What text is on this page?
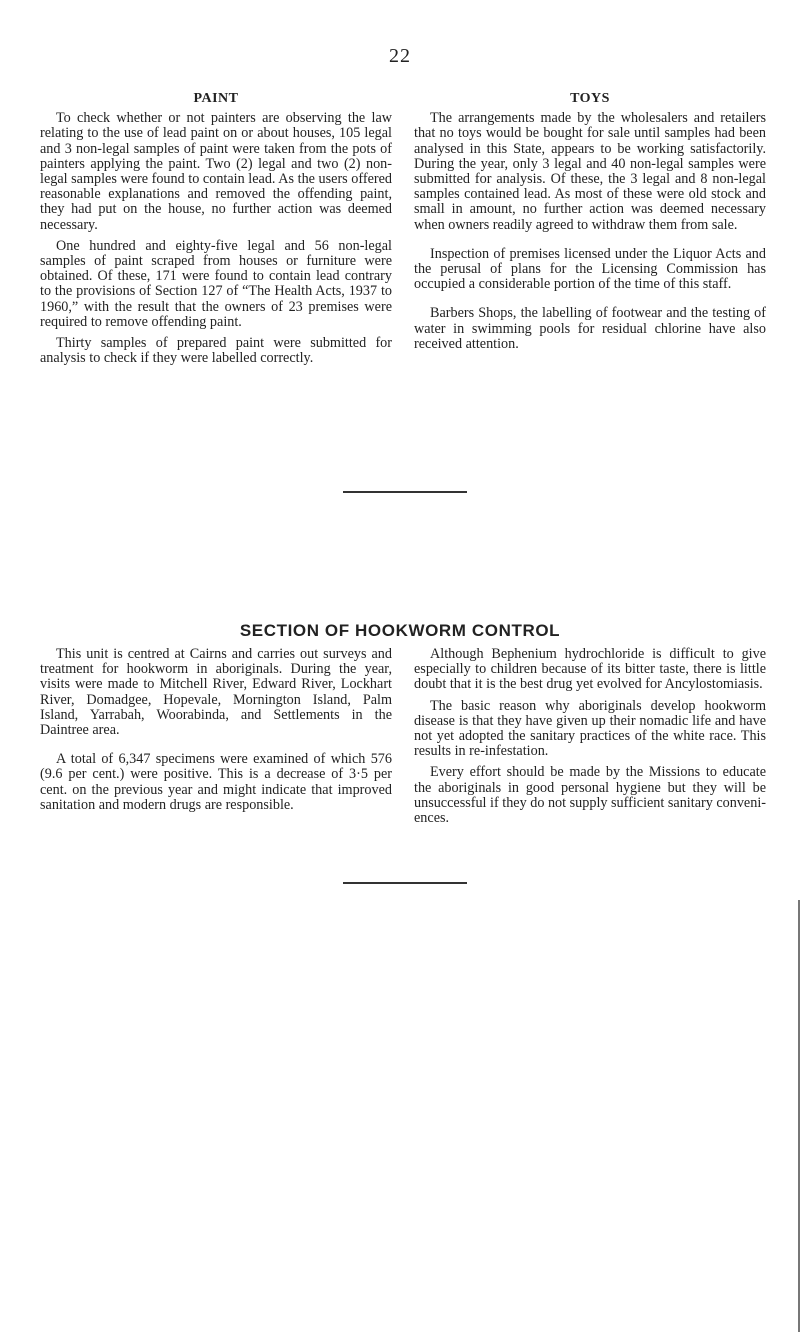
22
PAINT

To check whether or not painters are observing the law relating to the use of lead paint on or about houses, 105 legal and 3 non-legal samples of paint were taken from the pots of painters applying the paint. Two (2) legal and two (2) non-legal samples were found to contain lead. As the users offered reasonable explanations and removed the offending paint, they had put on the house, no further action was deemed necessary.

One hundred and eighty-five legal and 56 non-legal samples of paint scraped from houses or furniture were obtained. Of these, 171 were found to contain lead contrary to the provisions of Section 127 of “The Health Acts, 1937 to 1960,” with the result that the owners of 23 premises were required to remove offending paint.

Thirty samples of prepared paint were submitted for analysis to check if they were labelled correctly.

TOYS

The arrangements made by the wholesalers and retailers that no toys would be bought for sale until samples had been analysed in this State, appears to be working satisfactorily. During the year, only 3 legal and 40 non-legal samples were submitted for analysis. Of these, the 3 legal and 8 non-legal samples contained lead. As most of these were old stock and small in amount, no further action was deemed necessary when owners readily agreed to withdraw them from sale.

Inspection of premises licensed under the Liquor Acts and the perusal of plans for the Licensing Commission has occupied a considerable portion of the time of this staff.

Barbers Shops, the labelling of footwear and the testing of water in swimming pools for residual chlorine have also received attention.

SECTION OF HOOKWORM CONTROL

This unit is centred at Cairns and carries out surveys and treatment for hookworm in aboriginals. During the year, visits were made to Mitchell River, Edward River, Lockhart River, Domadgee, Hopevale, Mornington Island, Palm Island, Yarrabah, Woorabinda, and Settlements in the Daintree area.

A total of 6,347 specimens were examined of which 576 (9.6 per cent.) were positive. This is a decrease of 3·5 per cent. on the previous year and might indicate that improved sanitation and modern drugs are responsible.

Although Bephenium hydrochloride is difficult to give especially to children because of its bitter taste, there is little doubt that it is the best drug yet evolved for Ancylostomiasis.

The basic reason why aboriginals develop hookworm disease is that they have given up their nomadic life and have not yet adopted the sanitary practices of the white race. This results in re-infestation.

Every effort should be made by the Missions to educate the aboriginals in good personal hygiene but they will be unsuccessful if they do not supply sufficient sanitary conveniences.
